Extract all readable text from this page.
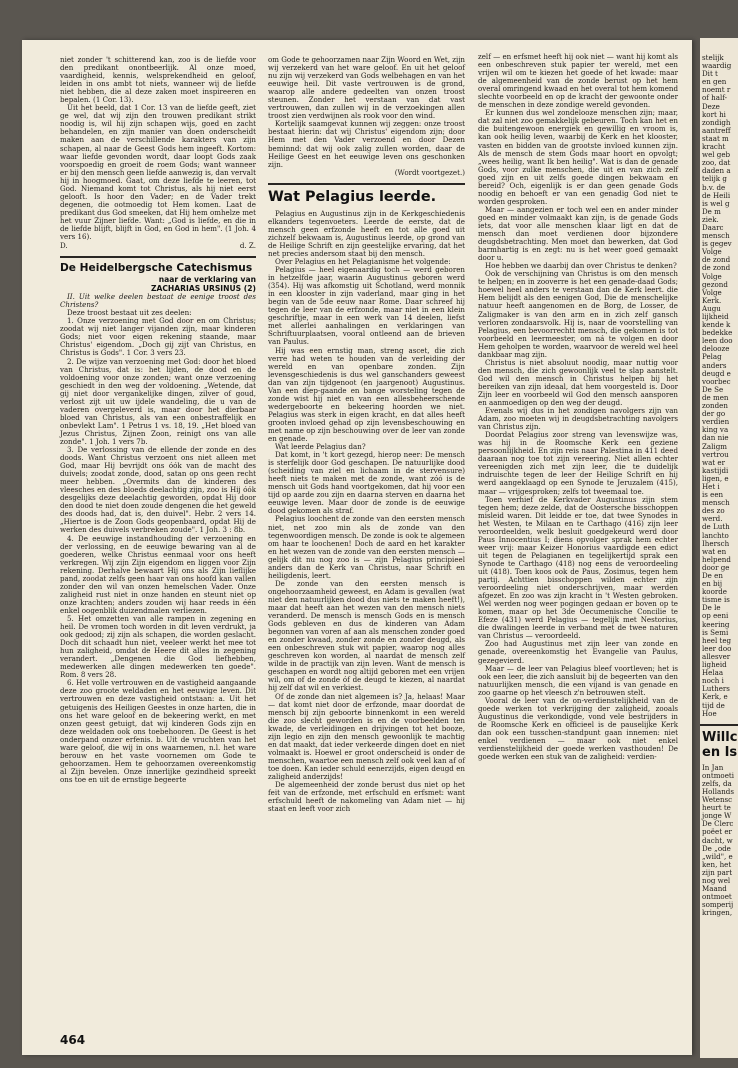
niet zonder 't schitterend kan, zoo is de liefde voor den predikant onontbeerlijk. Al onze moed, vaardigheid, kennis, welsprekendheid en geloof, leiden in ons ambt tot niets, wanneer wij de liefde niet hebben, die al deze zaken moet inspireeren en bepalen. (1 Cor. 13).

Uit het beeld, dat 1 Cor. 13 van de liefde geeft, ziet ge wel, dat wij zijn den trouwen predikant strikt noodig is, wil hij zijn schapen wijs, goed en zacht behandelen, en zijn manier van doen onderscheidt maken aan de verschillende karakters van zijn schapen, al naar de Geest Gods hem ingeeft. Kortom: waar liefde gevonden wordt, daar loopt Gods zaak voorspoedig en groeit de roem Gods; want wanneer er bij den mensch geen liefde aanwezig is, dan vervalt hij in hoogmoed. Gaat, om deze liefde te leeren, tot God. Niemand komt tot Christus, als hij niet eerst gelooft. Is hoor den Vader; en de Vader trekt degenen, die ootmoedig tot Hem komen. Laat de predikant dus God smeeken, dat Hij hem omhelze met het vuur Zijner liefde. Want: „God is liefde, en die in de liefde blijft, blijft in God, en God in hem". (1 Joh. 4 vers 16).

D.	d. Z.
De Heidelbergsche Catechismus
naar de verklaring van
ZACHARIAS URSINUS (2)

II. Uit welke deelen bestaat de eenige troost des Christens?

Deze troost bestaat uit zes deelen:

1. Onze verzoening met God door en om Christus; zoodat wij niet langer vijanden zijn, maar kinderen Gods; niet voor eigen rekening staande, maar Christus' eigendom. „Doch gij zijt van Christus, en Christus is Gods". 1 Cor. 3 vers 23.

2. De wijze van verzoening met God: door het bloed van Christus, dat is: het lijden, de dood en de voldoening voor onze zonden; want onze verzoening geschiedt in den weg der voldoening. „Wetende, dat gij niet door vergankelijke dingen, zilver of goud, verlost zijt uit uw ijdele wandeling, die u van de vaderen overgeleverd is, maar door het dierbaar bloed van Christus, als van een onbestraffelijk en onbevlekt Lam". 1 Petrus 1 vs. 18, 19. „Het bloed van Jezus Christus, Zijnen Zoon, reinigt ons van alle zonde". 1 Joh. 1 vers 7b.

3. De verlossing van de ellende der zonde en des doods. Want Christus verzoent ons niet alleen met God, maar Hij bevrijdt ons óók van de macht des duivels; zoodat zonde, dood, satan op ons geen recht meer hebben. „Overmits dan de kinderen des vleesches en des bloeds deelachtig zijn, zoo is Hij óók desgelijks deze deelachtig geworden, opdat Hij door den dood te niet doen zoude dengenen die het geweld des doods had, dat is, den duivel". Hebr. 2 vers 14. „Hiertoe is de Zoon Gods geopenbaard, opdat Hij de werken des duivels verbreken zoude". 1 Joh. 3 : 8b.

4. De eeuwige instandhouding der verzoening en der verlossing, en de eeuwige bewaring van al de goederen, welke Christus eenmaal voor ons heeft verkregen. Wij zijn Zijn eigendom en liggen voor Zijn rekening. Derhalve bewaart Hij ons als Zijn lieflijke pand, zoodat zelfs geen haar van ons hoofd kan vallen zonder den wil van onzen hemelschen Vader. Onze zaligheid rust niet in onze handen en steunt niet op onze krachten; anders zouden wij haar reeds in één enkel oogenblik duizendmalen verliezen.

5. Het omzetten van alle rampen in zegening en heil. De vromen toch worden in dit leven verdrukt, ja ook gedood; zij zijn als schapen, die worden geslacht. Doch dit schaadt hun niet, veeleer werkt het mee tot hun zaligheid, omdat de Heere dit alles in zegening verandert. „Dengenen die God liefhebben, medewerken alle dingen medewerken ten goede". Rom. 8 vers 28.

6. Het volle vertrouwen en de vastigheid aangaande deze zoo groote weldaden en het eeuwige leven. Dit vertrouwen en deze vastigheid ontstaan: a. Uit het getuigenis des Heiligen Geestes in onze harten, die in ons het ware geloof en de bekeering werkt, en met onzen geest getuigt, dat wij kinderen Gods zijn en deze weldaden ook ons toebehooren. De Geest is het onderpand onzer erfenis. b. Uit de vruchten van het ware geloof, die wij in ons waarnemen, n.l. het ware berouw en het vaste voornemen om Gode te gehoorzamen. Hem te gehoorzamen overeenkomstig al Zijn bevelen. Onze innerlijke gezindheid spreekt ons toe en uit de ernstige begeerte

om Gode te gehoorzamen naar Zijn Woord en Wet, zijn wij verzekerd van het ware geloof. En uit het geloof nu zijn wij verzekerd van Gods welbehagen en van het eeuwige heil. Dit vaste vertrouwen is de grond, waarop alle andere gedeelten van onzen troost steunen. Zonder het verstaan van dat vast vertrouwen, dan zullen wij in de verzoekingen allen troost zien verdwijnen als rook voor den wind.

Kortelijk saamgevat kunnen wij zeggen: onze troost bestaat hierin: dat wij Christus' eigendom zijn; door Hem met den Vader verzoend en door Dezen beminnd: dat wij ook zalig zullen worden, daar de Heilige Geest en het eeuwige leven ons geschonken zijn.

(Wordt voortgezet.)
Wat Pelagius leerde.

Pelagius en Augustinus zijn in de Kerkgeschiedenis elkanders tegenvoeters. Leerde de eerste, dat de mensch geen erfzonde heeft en tot alle goed uit zichzelf bekwaam is, Augustinus leerde, op grond van de Heilige Schrift en zijn geestelijke ervaring, dat het net precies andersom staat bij den mensch.

Over Pelagius en het Pelagianisme het volgende:

Pelagius — heel eigenaardig toch — werd geboren in hetzelfde jaar, waarin Augustinus geboren werd (354). Hij was afkomstig uit Schotland, werd monnik in een klooster in zijn vaderland, maar ging in het begin van de 5de eeuw naar Rome. Daar schreef hij tegen de leer van de erfzonde, maar niet in een klein geschriftje, maar in een werk van 14 deelen, liefst met allerlei aanhalingen en verklaringen van Schriftuurplaatsen, vooral ontleend aan de brieven van Paulus.

Hij was een ernstig man, streng ascet, die zich verre had weten te houden van de verleiding der wereld en van openbare zonden. Zijn levensgeschiedenis is dus wel ganschanders geweest dan van zijn tijdgenoot (en jaargenoot) Augustinus. Van een diep-gaande en bange worsteling tegen de zonde wist hij niet en van een allesbeheerschende wedergeboorte en bekeering hoorden we niet. Pelagius was sterk in eigen kracht, en dat alles heeft grooten invloed gehad op zijn levensbeschouwing en met name op zijn beschouwing over de leer van zonde en genade.

Wat leerde Pelagius dan?

Dat komt, in 't kort gezegd, hierop neer: De mensch is sterfelijk door God geschapen. De natuurlijke dood (scheiding van ziel en lichaam in de stervensure) heeft niets te maken met de zonde, want zóó is de mensch uit Gods hand voortgekomen, dat hij voor een tijd op aarde zou zijn en daarna sterven en daarna het eeuwige leven. Maar door de zonde is de eeuwige dood gekomen als straf.

Pelagius loochent de zonde van den eersten mensch niet, net zoo min als de zonde van den tegenwoordigen mensch. De zonde is ook te algemeen om haar te loochenen! Doch de aard en het karakter en het wezen van de zonde van den eersten mensch — gelijk dit nu nog zoo is — zijn Pelagius principieel anders dan de Kerk van Christus, naar Schrift en heiligdenis, leert.

De zonde van den eersten mensch is ongehoorzaamheid geweest, en Adam is gevallen (wat niet den natuurlijken dood dus niets te maken heeft!), maar dat heeft aan het wezen van den mensch niets veranderd. De mensch is mensch Gods en is mensch Gods gebleven en dus de kinderen van Adam begonnen van voren af aan als menschen zonder goed en zonder kwaad, zonder zonde en zonder deugd, als een onbeschreven stuk wit papier, waarop nog alles geschreven kon worden, al naardat de mensch zelf wilde in de practijk van zijn leven. Want de mensch is geschapen en wordt nog altijd geboren met een vrijen wil, om of de zonde óf de deugd te kiezen, al naardat hij zelf dat wil en verkiest.

Of de zonde dan niet algemeen is? Ja, helaas! Maar — dat komt niet door de erfzonde, maar doordat de mensch bij zijn geboorte binnenkomt in een wereld die zoo slecht geworden is en de voorbeelden ten kwade, de verleidingen en drijvingen tot het booze, zijn legio en zijn den mensch gewoonlijk te machtig en dat maakt, dat ieder verkeerde dingen doet en niet volmaakt is. Hoewel er groot onderscheid is onder de menschen, waartoe een mensch zelf ook veel kan af of toe doen. Kan ieder schuld eenerzijds, eigen deugd en zaligheid anderzijds!

De algemeenheid der zonde berust dus niet op het feit van de erfzonde, met erfschuld en erfsmet: want erfschuld heeft de nakomeling van Adam niet — hij staat en leeft voor zich

zelf — en erfsmet heeft hij ook niet — want hij komt als een onbeschreven stuk papier ter wereld, met een vrijen wil om te kiezen het goede of het kwade: maar de algemeenheid van de zonde berust op het hem overal omringend kwaad en het overal tot hem komend slechte voorbeeld en op de kracht der gewoonte onder de menschen in deze zondige wereld gevonden.

Er kunnen dus wel zondelooze menschen zijn; maar, dat zal niet zoo gemakkelijk gebeuren. Toch kan het en die buitengewoon energiek en gewillig en vroom is, kan ook heilig leven, waarbij de Kerk en het klooster, vasten en bidden van de grootste invloed kunnen zijn. Als de mensch de stem Gods maar hoort en opvolgt; „wees heilig, want Ik ben heilig". Wat is dan de genade Gods, voor zulke menschen, die uit en van zich zelf goed zijn en uit zelfs goede dingen bekwaam en bereid? Och, eigenlijk is er dan geen genade Gods noodig en behoeft er van een genadig God niet te worden gesproken.

Maar — aangezien er toch wel een en ander minder goed en minder volmaakt kan zijn, is de genade Gods iets, dat voor alle menschen klaar ligt en dat de mensch dan moet verdienen door bijzondere deugdsbetrachting. Men moet dan bewerken, dat God barmhartig is en zegt: nu is het weer goed gemaakt door u.

Hoe hebben we daarbij dan over Christus te denken?

Ook de verschijning van Christus is om den mensch te helpen; en in zooverre is het een genade-daad Gods; hoewel heel anders te verstaan dan de Kerk leert. die Hem belijdt als den eenigen God, Die de menschelijke natuur heeft aangenomen en de Borg, de Losser, de Zaligmaker is van den arm en in zich zelf gansch verloren zondaarsvolk. Hij is, naar de voorstelling van Pelagius, een bevoorrechtt mensch, die gekomen is tot voorbeeld en leermeester, om ná te volgen en door Hem geholpen te worden, waarvoor de wereld wel heel dankbaar mag zijn.

Christus is niet absoluut noodig, maar nuttig voor den mensch, die zich gewoonlijk veel te slap aanstelt. God wil den mensch in Christus helpen bij het bereiken van zijn ideaal, dat hem voorgesteld is. Door Zijn leer en voorbeeld wil God den mensch aansporen en aanmoedigen op den weg der deugd.

Evenals wij dus in het zondigen navolgers zijn van Adam, zoo moeten wij in deugdsbetrachting navolgers van Christus zijn.

Doordat Pelagius zoor streng van levenswijze was, was hij in de Roomsche Kerk een geziene persoonlijkheid. En zijn reis naar Palestina in 411 deed daaraan nog toe tot zijn vereering. Niet allen echter vereenigden zich met zijn leer, die te duidelijk indruischte tegen de leer der Heilige Schrift en hij werd aangeklaagd op een Synode te Jeruzalem (415), maar — vrijgesproken; zelfs tot tweemaal toe.

Toen verhief de Kerkvader Augustinus zijn stem tegen hem; deze zelde, dat de Oostersche bisschoppen misleid waren. Dit leidde er toe, dat twee Synodes in het Westen, te Milaan en te Carthago (416) zijn leer veroordeelden, welk besluit goedgekeurd werd door Paus Innocentius I; diens opvolger sprak hem echter weer vrij: maar Keizer Honorius vaardigde een edict uit tegen de Pelagianen en tegelijkertijd sprak een Synode te Carthago (418) nog eens de veroordeeling uit (418). Toen koos ook de Paus, Zosimus, tegen hem partij. Achttien bisschoppen wilden echter zijn veroordeeling niet onderschrijven, maar werden afgezet. En zoo was zijn kracht in 't Westen gebroken. Wel werden nog weer pogingen gedaan er boven op te komen, maar op het 3de Oecumenische Concilie te Efeze (431) werd Pelagius — tegelijk met Nestorius, die dwalingen leerde in verband met de twee naturen van Christus — veroordeeld.

Zoo had Augustinus met zijn leer van zonde en genade, overeenkomstig het Evangelie van Paulus, gezegevierd.

Maar — de leer van Pelagius bleef voortleven; het is ook een leer, die zich aansluit bij de begeerten van den natuurlijken mensch, die een vijand is van genade en zoo gaarne op het vleesch z'n betrouwen stelt.

Vooral de leer van de on-verdienstelijkheid van de goede werken tot verkrijging der zaligheid, zooals Augustinus die verkondigde, vond vele bestrijders in de Roomsche Kerk en officieel is de pauselijke Kerk dan ook een tusschen-standpunt gaan innemen: niet enkel verdienen — maar ook niet enkel verdienstelijkheid der goede werken vasthouden! De goede werken een stuk van de zaligheid: verdien-

464
stelijk
waardig
Dit t
en gen
noemt r
of half-
Deze
kort hi
zondigh
aantreff
staat m
kracht
wel geb
zoo, dat
daden a
telijk g
b.v. de
de Heili
is wel g
De m
ziek.
Daarc
mensch
is gegev
Volge
de zond
de zond
Volge
gezond
Volge
Kerk.
Augu
lijkheid
kende k
bedekke
leen doo
delooze
Pelag
anders
deugd e
voorbec
De Se
de men
zonden
der go
verdien
king va
dan nie
Zaligm
vertrou
wat er
kastijdi
ligen, e
Het i
is een
mensch
des zo
werd.
de Luth
lanchto
Ihersch
wat en
helpend
door ge
De en
en bij
koorde
tisme is
De le
op eeni
keering
is Semi
heel teg
leer doo
allesver
ligheid
Helaa
noch i
Luthers
Kerk, e
tijd de
Hoe
Willc
en Is
In Jan
ontmoeti
zelfs, da
Hollands
Wetensc
heurt te
jonge W
De Clerc
poëet er
dacht, w
De „ode
„wild", e
ken, het
zijn part
nog wel
Maand
ontmoet
somperij
kringen,
